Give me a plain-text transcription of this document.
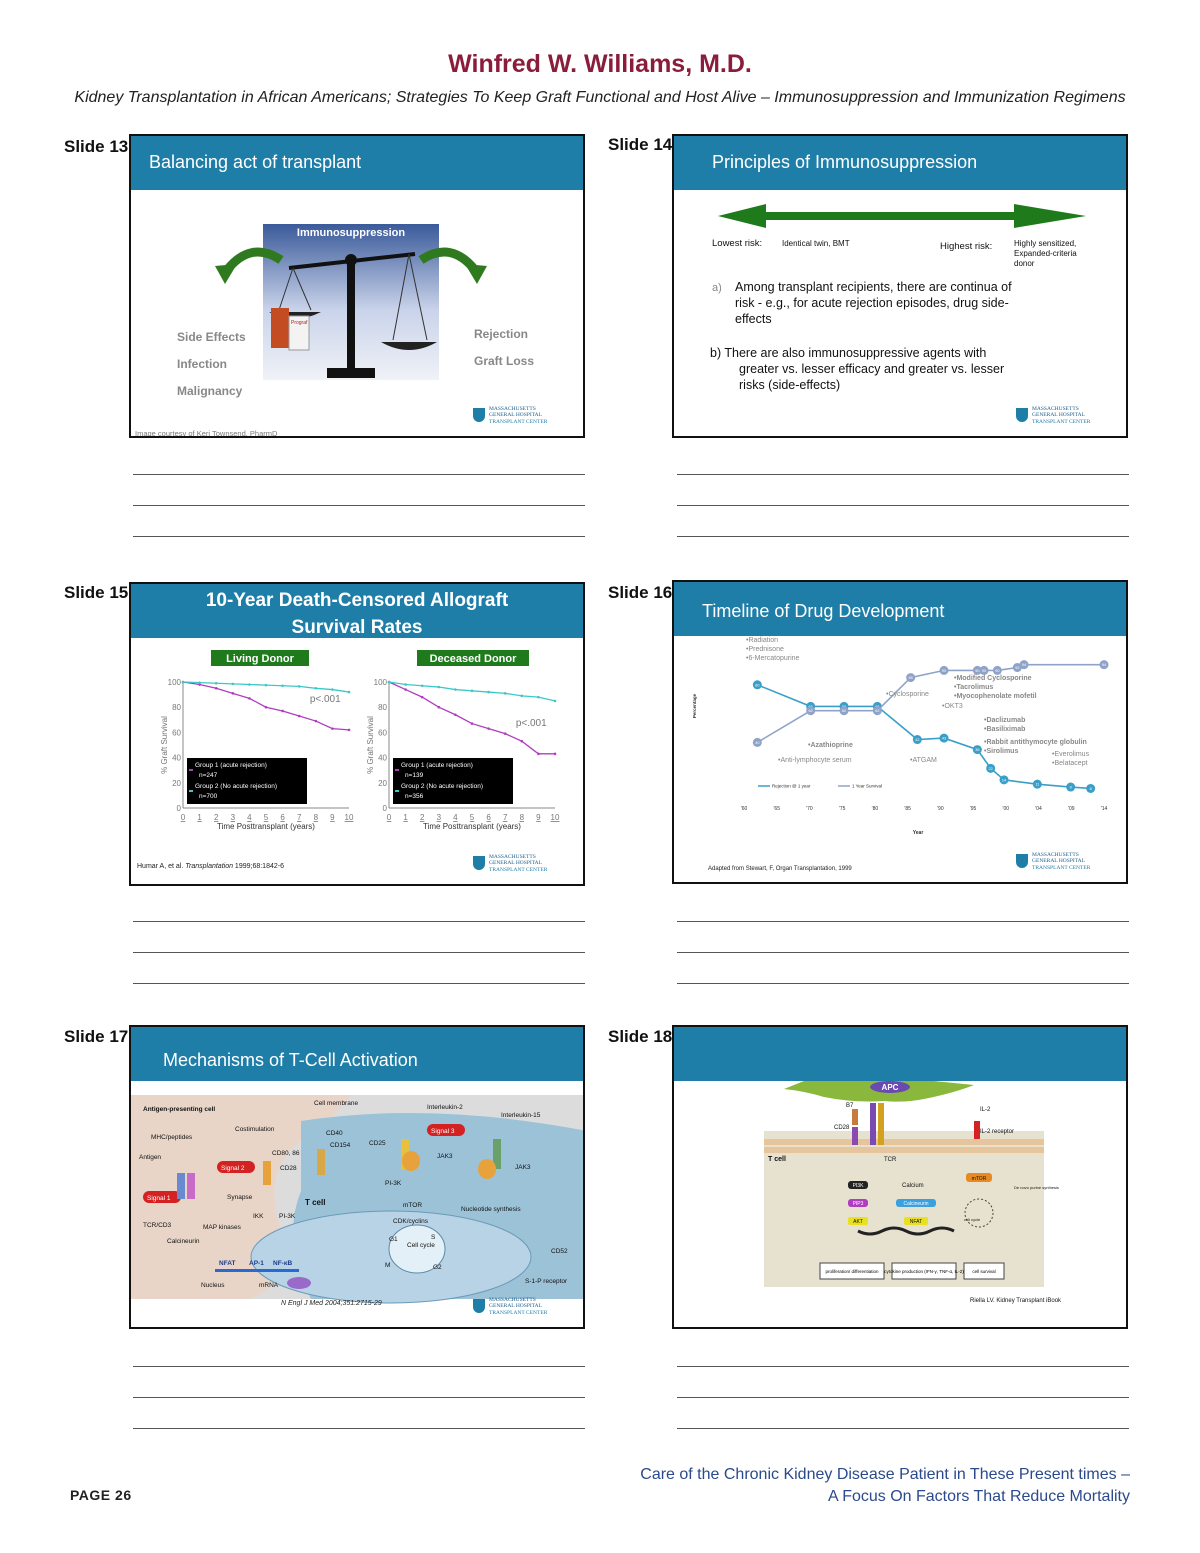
Winfred W. Williams, M.D.
Kidney Transplantation in African Americans; Strategies To Keep Graft Functional and Host Alive – Immunosuppression and Immunization Regimens
Slide 13
Balancing act of transplant
Prograf
Immunosuppression
Side Effects
Infection
Malignancy
Rejection
Graft Loss
Image courtesy of Keri Townsend, PharmD
MASSACHUSETTS
GENERAL HOSPITAL
TRANSPLANT CENTER
Slide 14
Principles of Immunosuppression
Lowest risk: Identical twin, BMT	Highest risk:	Highly sensitized,
Expanded-criteria
donor
a) Among transplant recipients, there are continua of
risk - e.g., for acute rejection episodes, drug side-
effects
b) There are also immunosuppressive agents with
greater vs. lesser efficacy and greater vs. lesser
risks (side-effects)
MASSACHUSETTS
GENERAL HOSPITAL
TRANSPLANT CENTER
Slide 15	10-Year Death-Censored Allograft
Survival Rates
Living Donor
0
20
40
60
80
100
0 1 2 3 4 5 6 7 8 9 10
Time Posttransplant (years)
% Graft Survival
p<.001
Group 1 (acute rejection)
n=247
Group 2 (No acute rejection)
n=700
Deceased Donor
0
20
40
60
80
100
0 1 2 3 4 5 6 7 8 9 10
Time Posttransplant (years)
% Graft Survival	p<.001
Group 1 (acute rejection)
n=139
Group 2 (No acute rejection)
n=356
Humar A, et al. Transplantation 1999;68:1842-6
MASSACHUSETTS
GENERAL HOSPITAL
TRANSPLANT CENTER
Slide 16
Timeline of Drug Development
'60	'65	'70	'75	'80	'85	'90	'95	'00	'04	'09	'14
Year
Percentage
80
42	43
35
22
14
11
9	8
40
62	62	62
85
90	90 90 90
92
94	94
Rejection @ 1 year	1 Year Survival
•Radiation
•Prednisone
•6-Mercatopurine
•Azathioprine
•Anti-lymphocyte serum
•Cyclosporine
•ATGAM
•OKT3
•Modified Cyclosporine
•Tacrolimus
•Myocophenolate mofetil
•Daclizumab
•Basiliximab
•Rabbit antithymocyte globulin
•Sirolimus	•Everolimus
•Belatacept
Adapted from Stewart, F, Organ Transplantation, 1999
MASSACHUSETTS
GENERAL HOSPITAL
TRANSPLANT CENTER
Slide 17
Mechanisms of T-Cell Activation
Antigen-presenting cell
Cell membrane
Costimulation
MHC/peptides
Antigen
CD80, 86
CD28
CD40
CD154	CD25
Interleukin-2
Interleukin-15
Synapse
TCR/CD3	MAP kinases
Calcineurin
IKK PI-3K
T cell
JAK3
JAK3
PI-3K
mTOR
CDK/cyclins
Nucleotide synthesis
Cell cycle
G1	S
M	G2
CD52
S-1-P receptor
NFAT AP-1 NF-κB
Nucleus	mRNA
Signal 1
Signal 2
Signal 3
N Engl J Med 2004;351:2715-29	MASSACHUSETTS
GENERAL HOSPITAL
TRANSPLANT CENTER
Slide 18
APC
B7
CD28
IL-2
IL-2 receptor
T cell	TCR
Calcium	De novo purine synthesis
cell cycle
PI3K
PIP3
AKT
Calcineurin
NFAT
mTOR
proliferation/ differentiation cytokine production (IFN-γ, TNF-α, IL-2) cell survival
Riella LV. Kidney Transplant iBook
PAGE 26
Care of the Chronic Kidney Disease Patient in These Present times –
A Focus On Factors That Reduce Mortality
